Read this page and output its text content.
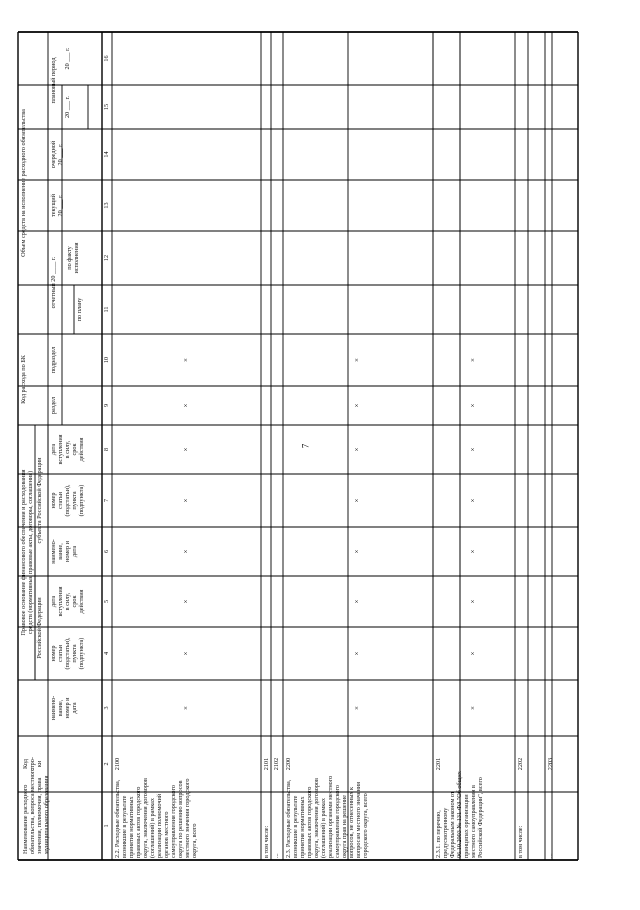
7
Наименование расходного обязательства, вопроса местного значения, полномочия, права муниципального образования
Код стро- ки
Правовое основание финансового обеспечения и расходования средств (нормативные правовые акты, договоры, соглашения) Российской Федерации
субъекта Российской Федерации
наимено- вание, номер и дата
номер статьи (подстатьи), пункта (подпункта)
дата вступления в силу, срок действия
наимено- вание, номер и дата
номер статьи (подстатьи), пункта (подпункта)
дата вступления в силу, срок действия
Код расхода по БК
раздел
подраздел
Объем средств на исполнение расходного обязательства
отчетный 20 ____ г.
по плану
по факту исполнения
текущий 20 ___ г.
очередной 20 ___ г.
плановый период
20 ___ г.
20 ___ г.
1
2
3
4
5
6
7
8
9
10
11
12
13
14
15
16
2.2. Расходные обязательства, возникшие в результате принятия нормативных правовых актов городского округа, заключения договоров (соглашений) в рамках реализации полномочий органов местного самоуправления городского округа по решению вопросов местного значения городского округа, всего
2100
×
×
×
×
×
×
×
×
в том числе:
2101
...
2102
2.3. Расходные обязательства, возникшие в результате принятия нормативных правовых актов городского округа, заключения договоров (соглашений) в рамках реализации органами местного самоуправления городского округа прав на решение вопросов, не отнесенных к вопросам местного значения городского округа, всего
2200
×
×
×
×
×
×
×
×
2.3.1. по перечню, предусмотренному Федеральным законом от 06.10.2003 № 131-ФЗ "Об общих принципах организации местного самоуправления в Российской Федерации", всего
2201
×
×
×
×
×
×
×
×
в том числе:
2202
...
2203
